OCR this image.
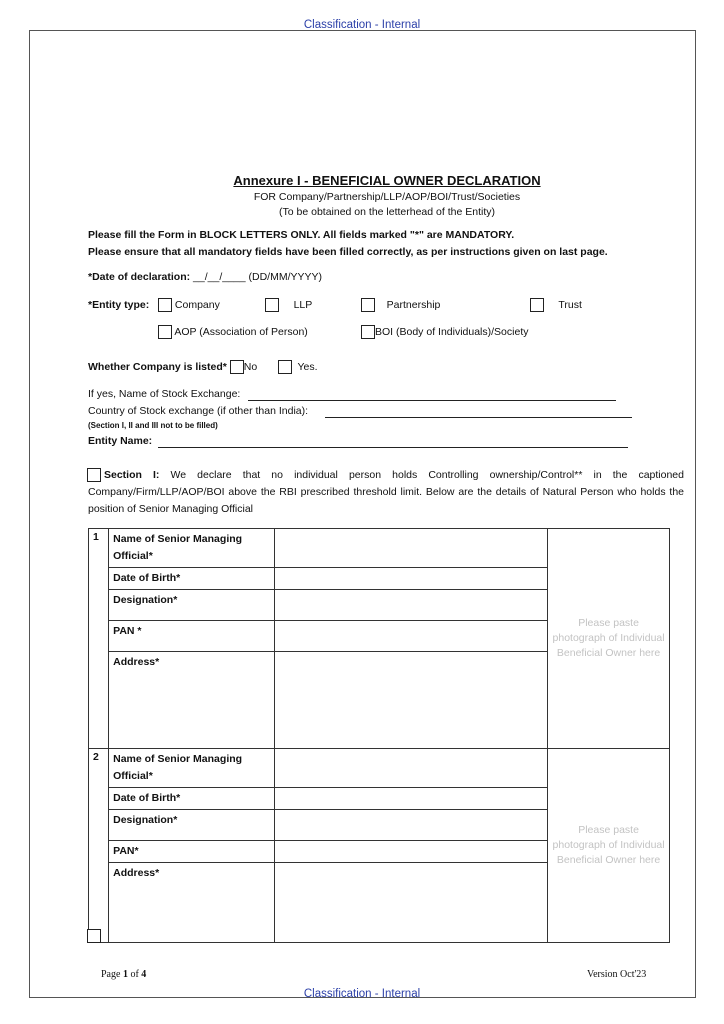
Classification - Internal
Classification - Internal
Annexure I - BENEFICIAL OWNER DECLARATION
FOR Company/Partnership/LLP/AOP/BOI/Trust/Societies
(To be obtained on the letterhead of the Entity)
Please fill the Form in BLOCK LETTERS ONLY. All fields marked "*" are MANDATORY.
Please ensure that all mandatory fields have been filled correctly, as per instructions given on last page.
*Date of declaration: __/__/____ (DD/MM/YYYY)
*Entity type:	Company	LLP	Partnership	Trust
AOP (Association of Person)	BOI (Body of Individuals)/Society
Whether Company is listed* No	Yes.
If yes, Name of Stock Exchange:
Country of Stock exchange (if other than India):
(Section I, II and III not to be filled)
Entity Name:
Section I: We declare that no individual person holds Controlling ownership/Control** in the captioned Company/Firm/LLP/AOP/BOI above the RBI prescribed threshold limit. Below are the details of Natural Person who holds the position of Senior Managing Official
1	Name of Senior Managing Official*		Please paste photograph of Individual Beneficial Owner here
	Date of Birth*		
	Designation*		
	PAN *		
	Address*		
2	Name of Senior Managing Official*		Please paste photograph of Individual Beneficial Owner here
	Date of Birth*		
	Designation*		
	PAN*		
	Address*		
Page 1 of 4	Version Oct'23
